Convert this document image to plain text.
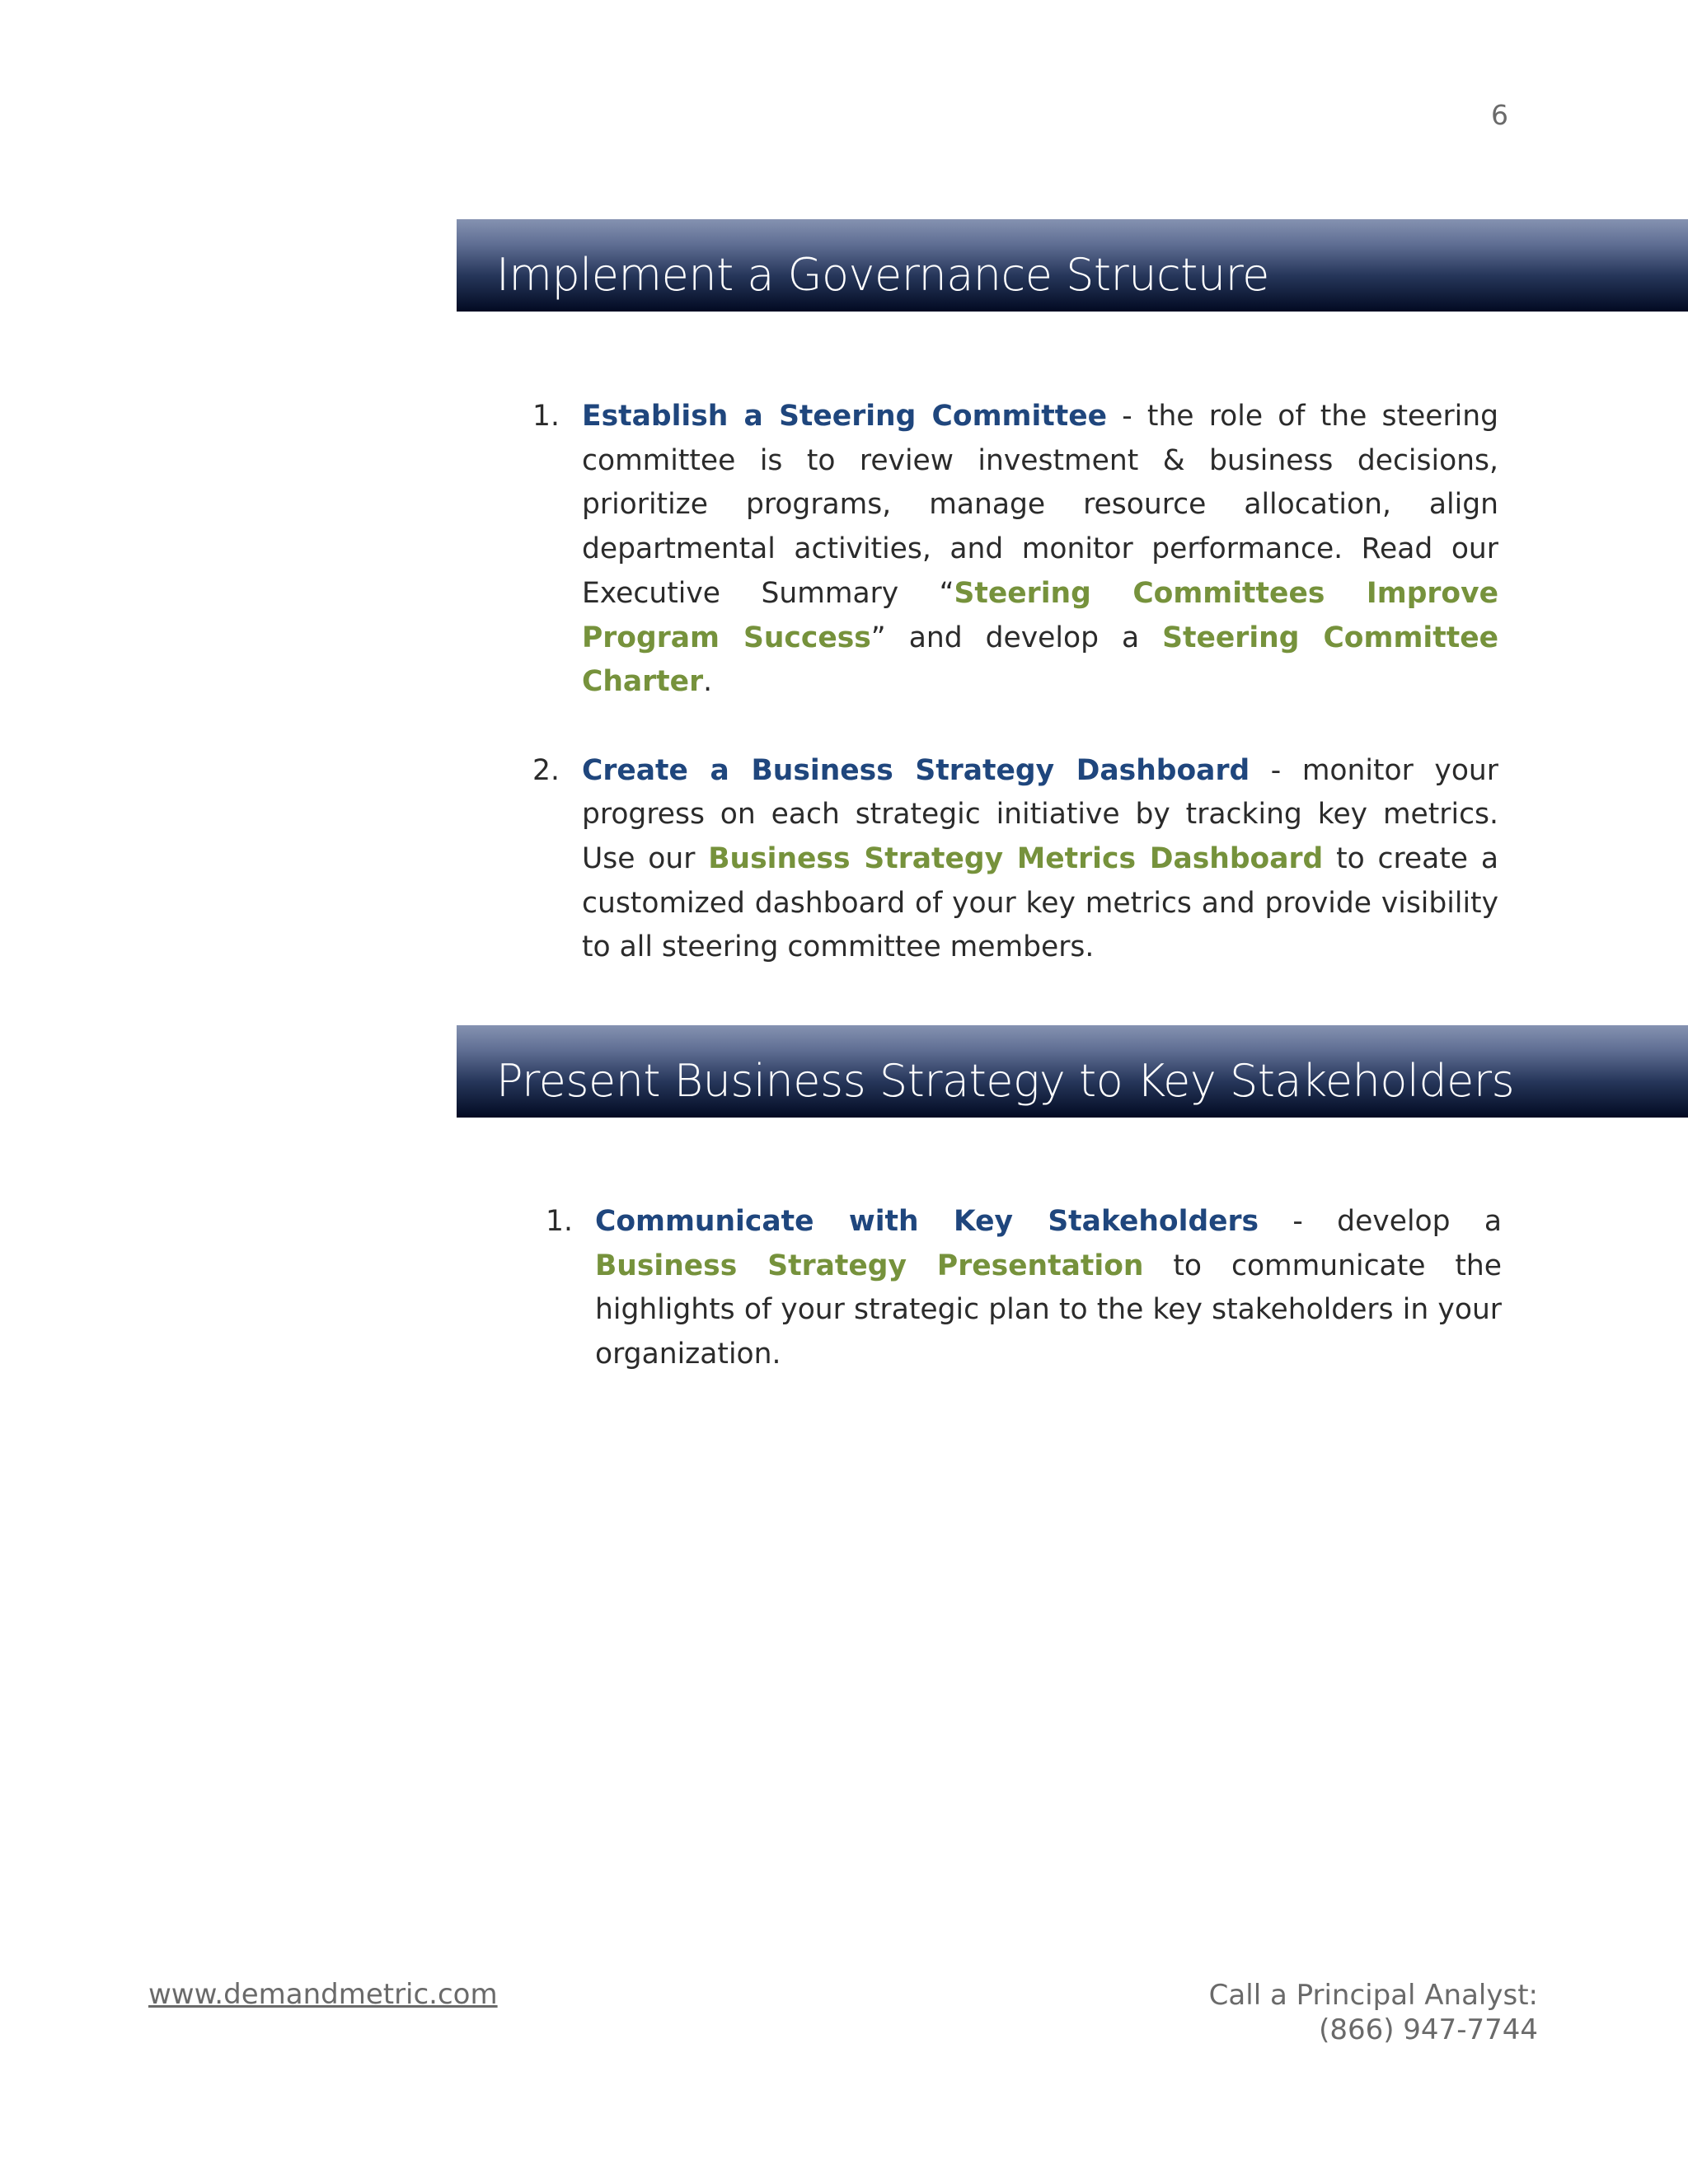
6
Implement a Governance Structure
1. Establish a Steering Committee - the role of the steering committee is to review investment & business decisions, prioritize programs, manage resource allocation, align departmental activities, and monitor performance. Read our Executive Summary “Steering Committees Improve Program Success” and develop a Steering Committee Charter.
2. Create a Business Strategy Dashboard - monitor your progress on each strategic initiative by tracking key metrics. Use our Business Strategy Metrics Dashboard to create a customized dashboard of your key metrics and provide visibility to all steering committee members.
Present Business Strategy to Key Stakeholders
1. Communicate with Key Stakeholders - develop a Business Strategy Presentation to communicate the highlights of your strategic plan to the key stakeholders in your organization.
www.demandmetric.com	Call a Principal Analyst:
(866) 947-7744
